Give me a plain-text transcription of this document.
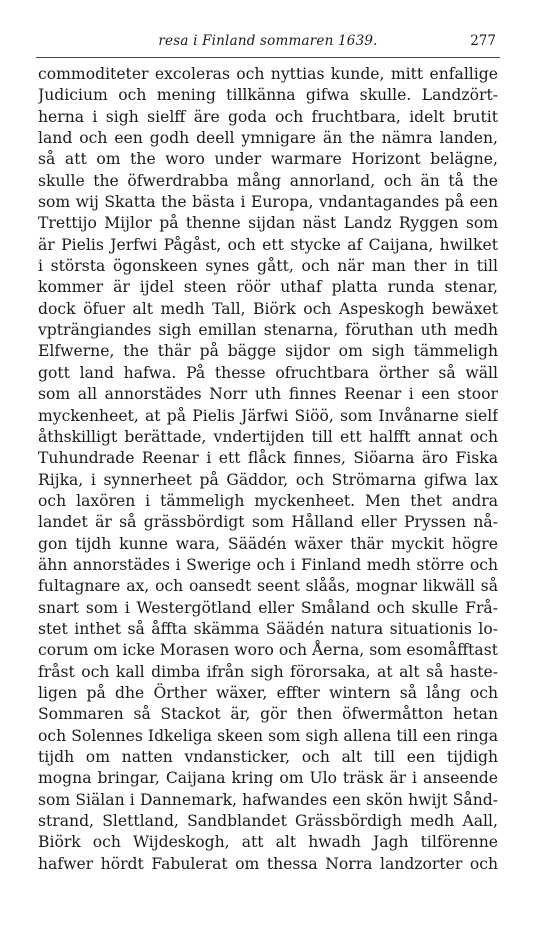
resa i Finland sommaren 1639.	277
commoditeter excoleras och nyttias kunde, mitt enfallige
Judicium och mening tillkänna gifwa skulle. Landzört-
herna i sigh sielff äre goda och fruchtbara, idelt brutit
land och een godh deell ymnigare än the nämra landen,
så att om the woro under warmare Horizont belägne,
skulle the öfwerdrabba mång annorland, och än tå the
som wij Skatta the bästa i Europa, vndantagandes på een
Trettijo Mijlor på thenne sijdan näst Landz Ryggen som
är Pielis Jerfwi Pågåst, och ett stycke af Caijana, hwilket
i största ögonskeen synes gått, och när man ther in till
kommer är ijdel steen röör uthaf platta runda stenar,
dock öfuer alt medh Tall, Biörk och Aspeskogh bewäxet
vpträngiandes sigh emillan stenarna, föruthan uth medh
Elfwerne, the thär på bägge sijdor om sigh tämmeligh
gott land hafwa. På thesse ofruchtbara örther så wäll
som all annorstädes Norr uth finnes Reenar i een stoor
myckenheet, at på Pielis Järfwi Siöö, som Invånarne sielf
åthskilligt berättade, vndertijden till ett halfft annat och
Tuhundrade Reenar i ett flåck finnes, Siöarna äro Fiska
Rijka, i synnerheet på Gäddor, och Strömarna gifwa lax
och laxören i tämmeligh myckenheet. Men thet andra
landet är så grässbördigt som Hålland eller Pryssen nå-
gon tijdh kunne wara, Säädén wäxer thär myckit högre
ähn annorstädes i Swerige och i Finland medh större och
fultagnare ax, och oansedt seent slåås, mognar likwäll så
snart som i Westergötland eller Småland och skulle Frå-
stet inthet så åffta skämma Säädén natura situationis lo-
corum om icke Morasen woro och Åerna, som esomåfftast
fråst och kall dimba ifrån sigh förorsaka, at alt så haste-
ligen på dhe Örther wäxer, effter wintern så lång och
Sommaren så Stackot är, gör then öfwermåtton hetan
och Solennes Idkeliga skeen som sigh allena till een ringa
tijdh om natten vndansticker, och alt till een tijdigh
mogna bringar, Caijana kring om Ulo träsk är i anseende
som Siälan i Dannemark, hafwandes een skön hwijt Sånd-
strand, Slettland, Sandblandet Grässbördigh medh Aall,
Biörk och Wijdeskogh, att alt hwadh Jagh tilförenne
hafwer hördt Fabulerat om thessa Norra landzorter och
